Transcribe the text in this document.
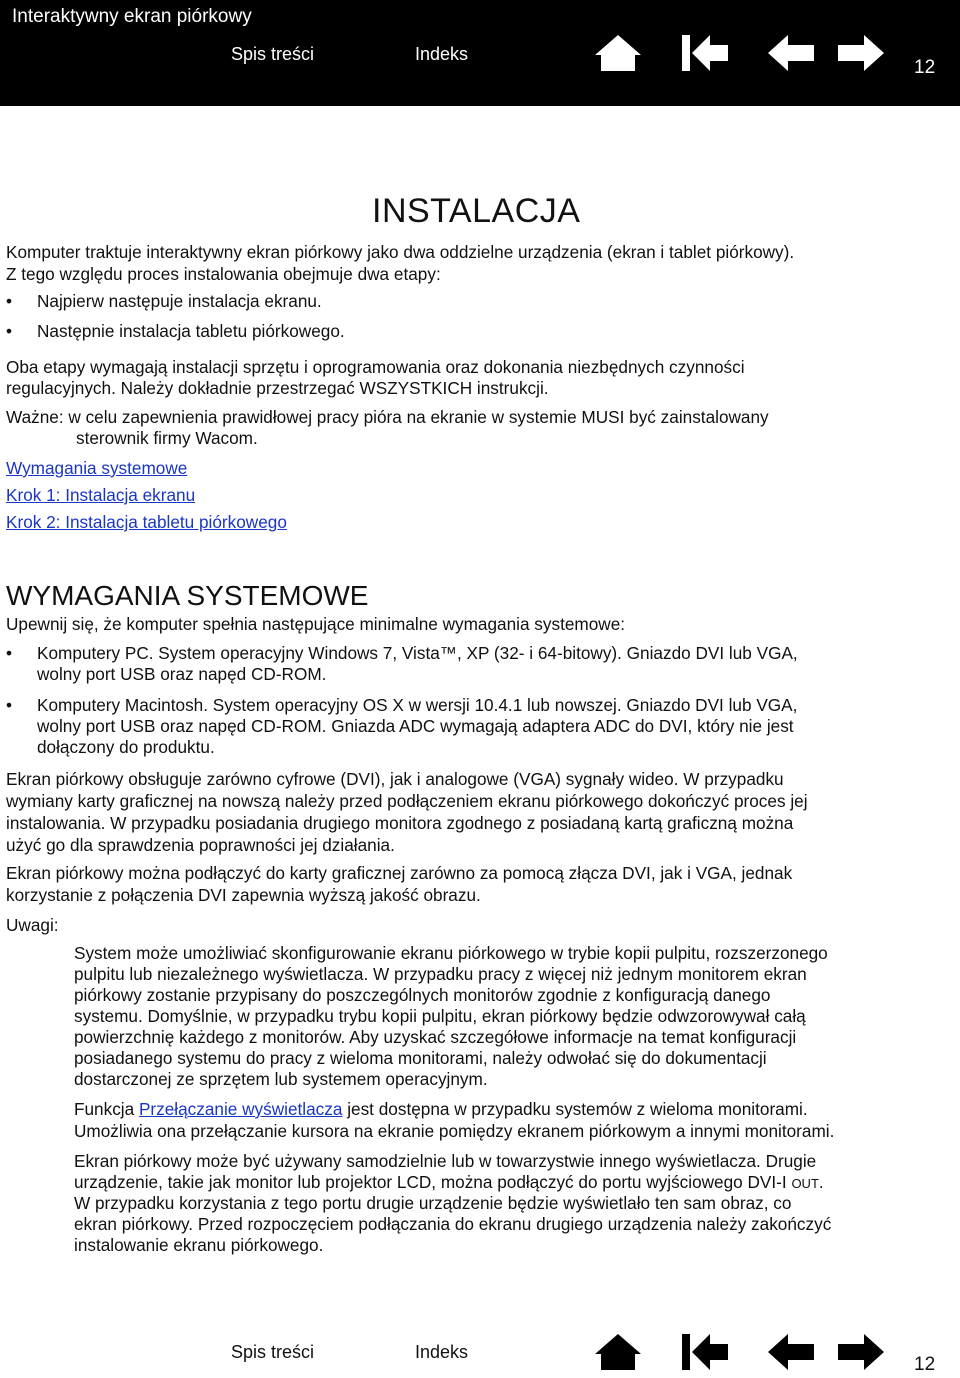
Interaktywny ekran piórkowy
Spis treści	Indeks
12
INSTALACJA
Komputer traktuje interaktywny ekran piórkowy jako dwa oddzielne urządzenia (ekran i tablet piórkowy).
Z tego względu proces instalowania obejmuje dwa etapy:
• Najpierw następuje instalacja ekranu.
• Następnie instalacja tabletu piórkowego.
Oba etapy wymagają instalacji sprzętu i oprogramowania oraz dokonania niezbędnych czynności
regulacyjnych. Należy dokładnie przestrzegać WSZYSTKICH instrukcji.
Ważne: w celu zapewnienia prawidłowej pracy pióra na ekranie w systemie MUSI być zainstalowany
sterownik firmy Wacom.
Wymagania systemowe
Krok 1: Instalacja ekranu
Krok 2: Instalacja tabletu piórkowego
WYMAGANIA SYSTEMOWE
Upewnij się, że komputer spełnia następujące minimalne wymagania systemowe:
• Komputery PC. System operacyjny Windows 7, Vista™, XP (32- i 64-bitowy). Gniazdo DVI lub VGA,
wolny port USB oraz napęd CD-ROM.
• Komputery Macintosh. System operacyjny OS X w wersji 10.4.1 lub nowszej. Gniazdo DVI lub VGA,
wolny port USB oraz napęd CD-ROM. Gniazda ADC wymagają adaptera ADC do DVI, który nie jest
dołączony do produktu.
Ekran piórkowy obsługuje zarówno cyfrowe (DVI), jak i analogowe (VGA) sygnały wideo. W przypadku
wymiany karty graficznej na nowszą należy przed podłączeniem ekranu piórkowego dokończyć proces jej
instalowania. W przypadku posiadania drugiego monitora zgodnego z posiadaną kartą graficzną można
użyć go dla sprawdzenia poprawności jej działania.
Ekran piórkowy można podłączyć do karty graficznej zarówno za pomocą złącza DVI, jak i VGA, jednak
korzystanie z połączenia DVI zapewnia wyższą jakość obrazu.
Uwagi:
System może umożliwiać skonfigurowanie ekranu piórkowego w trybie kopii pulpitu, rozszerzonego
pulpitu lub niezależnego wyświetlacza. W przypadku pracy z więcej niż jednym monitorem ekran
piórkowy zostanie przypisany do poszczególnych monitorów zgodnie z konfiguracją danego
systemu. Domyślnie, w przypadku trybu kopii pulpitu, ekran piórkowy będzie odwzorowywał całą
powierzchnię każdego z monitorów. Aby uzyskać szczegółowe informacje na temat konfiguracji
posiadanego systemu do pracy z wieloma monitorami, należy odwołać się do dokumentacji
dostarczonej ze sprzętem lub systemem operacyjnym.
Funkcja Przełączanie wyświetlacza jest dostępna w przypadku systemów z wieloma monitorami.
Umożliwia ona przełączanie kursora na ekranie pomiędzy ekranem piórkowym a innymi monitorami.
Ekran piórkowy może być używany samodzielnie lub w towarzystwie innego wyświetlacza. Drugie
urządzenie, takie jak monitor lub projektor LCD, można podłączyć do portu wyjściowego DVI-I OUT.
W przypadku korzystania z tego portu drugie urządzenie będzie wyświetlało ten sam obraz, co
ekran piórkowy. Przed rozpoczęciem podłączania do ekranu drugiego urządzenia należy zakończyć
instalowanie ekranu piórkowego.
Spis treści	Indeks
12
